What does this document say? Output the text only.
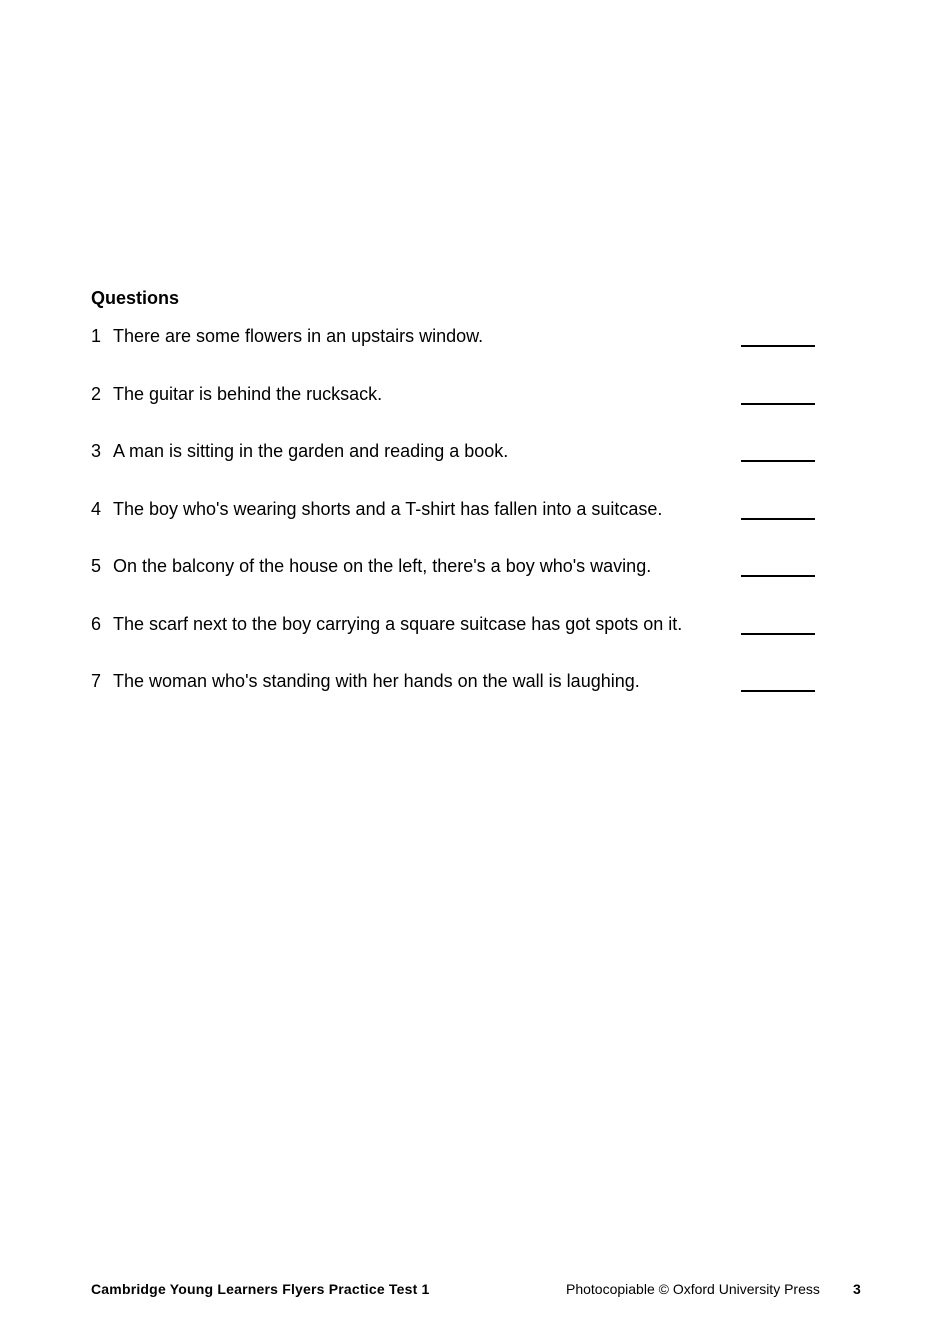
Questions
1 There are some flowers in an upstairs window.
2 The guitar is behind the rucksack.
3 A man is sitting in the garden and reading a book.
4 The boy who's wearing shorts and a T-shirt has fallen into a suitcase.
5 On the balcony of the house on the left, there's a boy who's waving.
6 The scarf next to the boy carrying a square suitcase has got spots on it.
7 The woman who's standing with her hands on the wall is laughing.
Cambridge Young Learners Flyers Practice Test 1	Photocopiable © Oxford University Press 3
